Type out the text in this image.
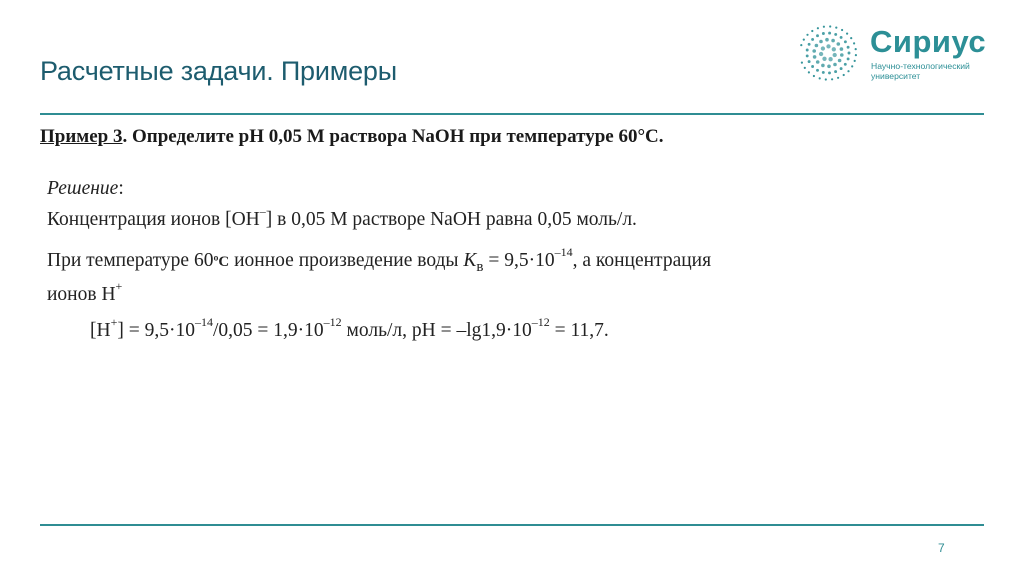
Расчетные задачи. Примеры
Сириус
Научно-технологический
университет
Пример 3. Определите рН 0,05 М раствора NaOH при температуре 60°С.
Решение:
Концентрация ионов [ОН–] в 0,05 М растворе NaOH равна 0,05 моль/л.
При температуре 60ºС ионное произведение воды $К_в = 9,5\cdot 10^{-14}$, а концентрация
ионов Н+
$[Н^+] = 9,5\cdot 10^{-14}/0,05 = 1,9\cdot 10^{-12}$ моль/л, рН = $-\lg 1,9\cdot 10^{-12} = 11,7$.
7
